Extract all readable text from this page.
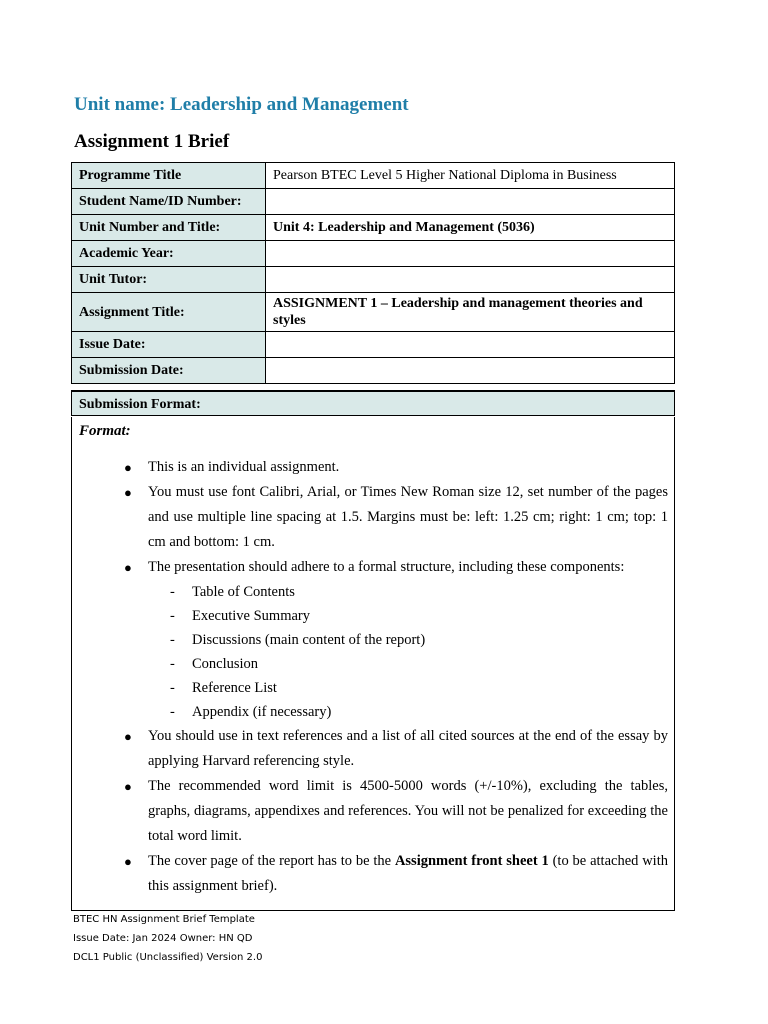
Unit name: Leadership and Management
Assignment 1 Brief
Programme Title	Pearson BTEC Level 5 Higher National Diploma in Business
Student Name/ID Number:	
Unit Number and Title:	Unit 4: Leadership and Management (5036)
Academic Year:	
Unit Tutor:	
Assignment Title:	ASSIGNMENT 1 – Leadership and management theories and styles
Issue Date:	
Submission Date:	
Submission Format:
Format:
● This is an individual assignment.
● You must use font Calibri, Arial, or Times New Roman size 12, set number of the pages and use multiple line spacing at 1.5. Margins must be: left: 1.25 cm; right: 1 cm; top: 1 cm and bottom: 1 cm.
● The presentation should adhere to a formal structure, including these components:
- Table of Contents
- Executive Summary
- Discussions (main content of the report)
- Conclusion
- Reference List
- Appendix (if necessary)
● You should use in text references and a list of all cited sources at the end of the essay by applying Harvard referencing style.
● The recommended word limit is 4500-5000 words (+/-10%), excluding the tables, graphs, diagrams, appendixes and references. You will not be penalized for exceeding the total word limit.
● The cover page of the report has to be the Assignment front sheet 1 (to be attached with this assignment brief).
BTEC HN Assignment Brief Template
Issue Date: Jan 2024 Owner: HN QD
DCL1 Public (Unclassified) Version 2.0
